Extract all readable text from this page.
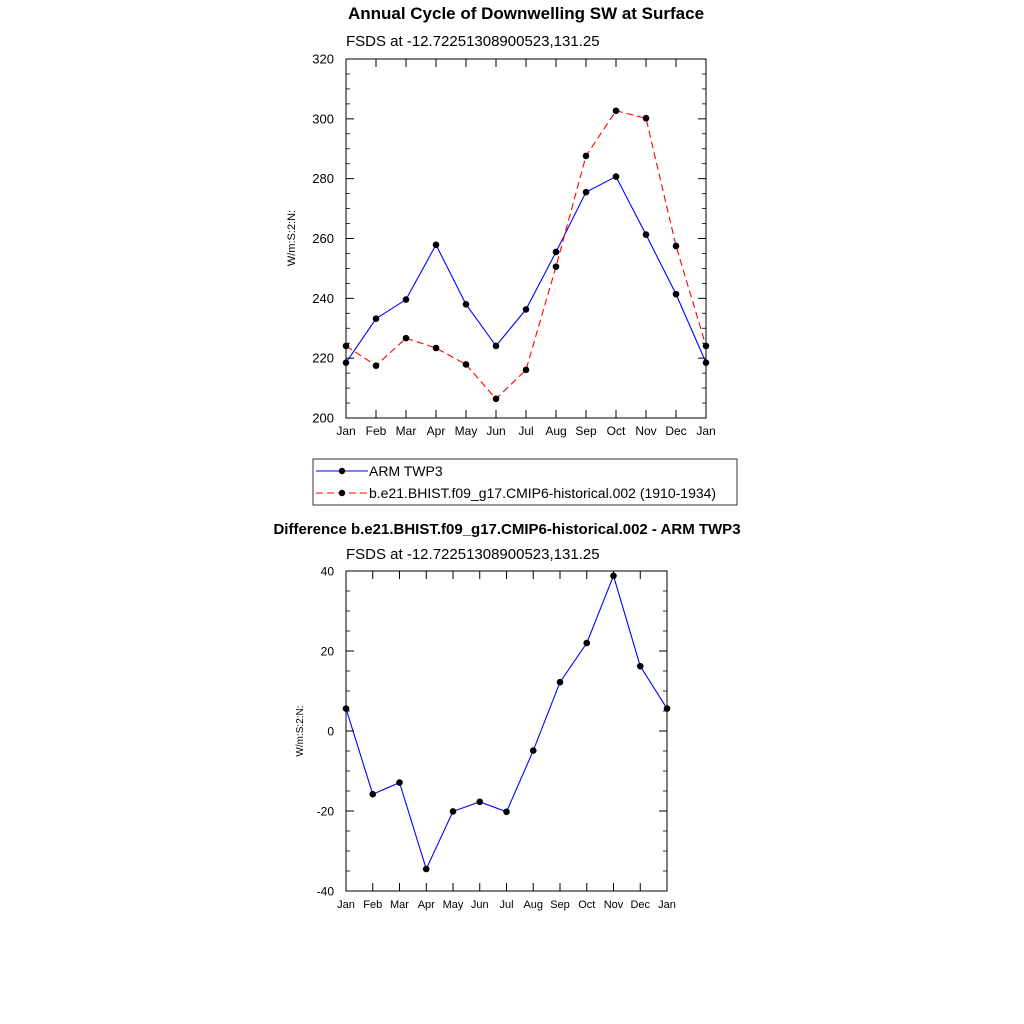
Annual Cycle of Downwelling SW at Surface
FSDS at -12.72251308900523,131.25
W/m:S:2:N:
200
220
240
260
280
300
320
Jan Feb Mar Apr May Jun Jul Aug Sep Oct Nov Dec Jan
ARM TWP3
b.e21.BHIST.f09_g17.CMIP6-historical.002 (1910-1934)
Difference b.e21.BHIST.f09_g17.CMIP6-historical.002 - ARM TWP3
FSDS at -12.72251308900523,131.25
W/m:S:2:N:
-40
-20
0
20
40
Jan Feb Mar Apr May Jun Jul Aug Sep Oct Nov Dec Jan
